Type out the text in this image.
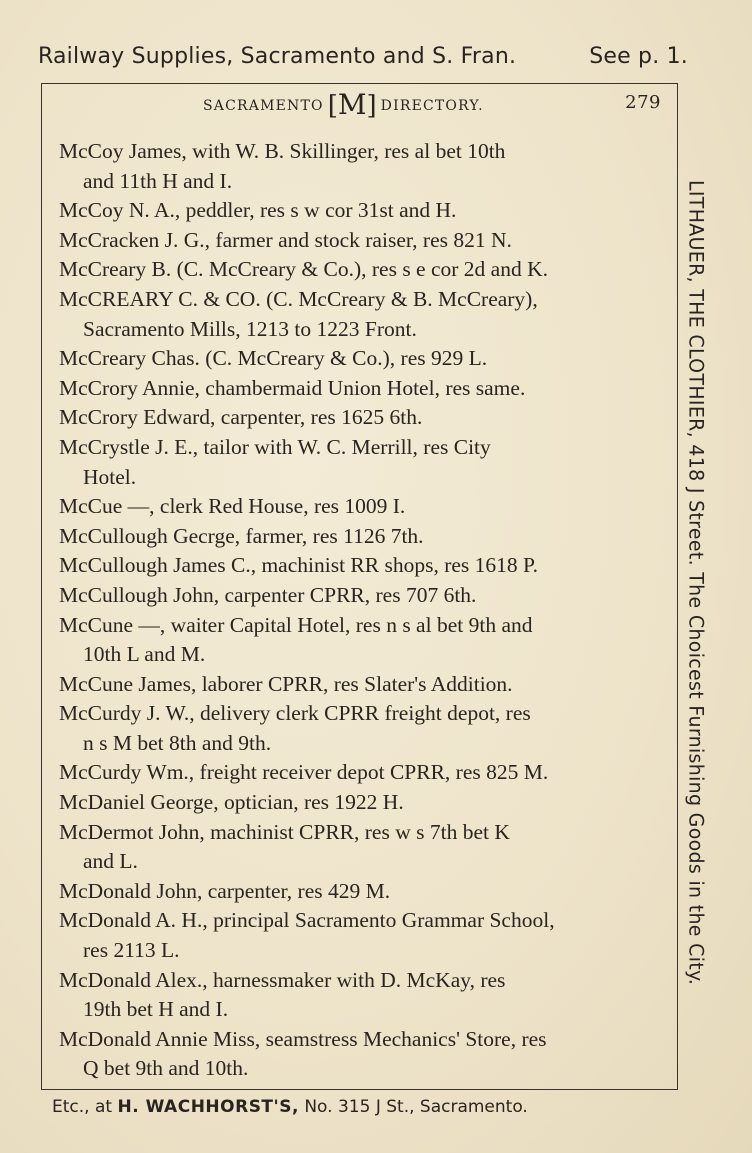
Railway Supplies, Sacramento and S. Fran.	See p. 1.
SACRAMENTO [M] DIRECTORY.	279
McCoy James, with W. B. Skillinger, res al bet 10th
and 11th H and I.
McCoy N. A., peddler, res s w cor 31st and H.
McCracken J. G., farmer and stock raiser, res 821 N.
McCreary B. (C. McCreary & Co.), res s e cor 2d and K.
McCREARY C. & CO. (C. McCreary & B. McCreary),
Sacramento Mills, 1213 to 1223 Front.
McCreary Chas. (C. McCreary & Co.), res 929 L.
McCrory Annie, chambermaid Union Hotel, res same.
McCrory Edward, carpenter, res 1625 6th.
McCrystle J. E., tailor with W. C. Merrill, res City
Hotel.
McCue —, clerk Red House, res 1009 I.
McCullough Gecrge, farmer, res 1126 7th.
McCullough James C., machinist RR shops, res 1618 P.
McCullough John, carpenter CPRR, res 707 6th.
McCune —, waiter Capital Hotel, res n s al bet 9th and
10th L and M.
McCune James, laborer CPRR, res Slater's Addition.
McCurdy J. W., delivery clerk CPRR freight depot, res
n s M bet 8th and 9th.
McCurdy Wm., freight receiver depot CPRR, res 825 M.
McDaniel George, optician, res 1922 H.
McDermot John, machinist CPRR, res w s 7th bet K
and L.
McDonald John, carpenter, res 429 M.
McDonald A. H., principal Sacramento Grammar School,
res 2113 L.
McDonald Alex., harnessmaker with D. McKay, res
19th bet H and I.
McDonald Annie Miss, seamstress Mechanics' Store, res
Q bet 9th and 10th.
LITHAUER, THE CLOTHIER, 418 J Street. The Choicest Furnishing Goods in the City.
Etc., at H. WACHHORST'S, No. 315 J St., Sacramento.
